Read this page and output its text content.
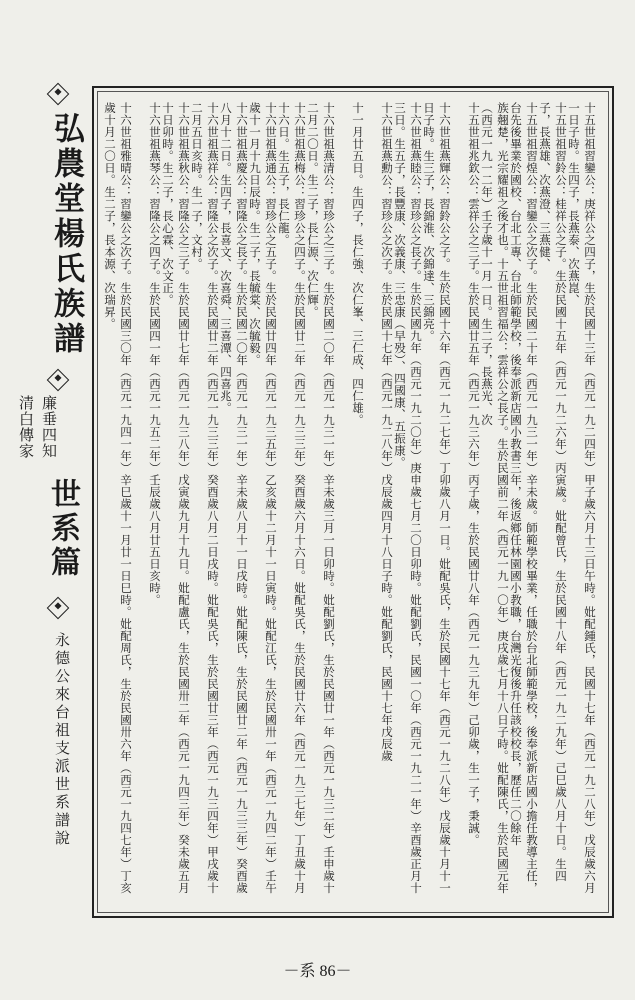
弘農堂楊氏族譜
廉垂四知
清白傳家
世系篇
永德公來台祖支派世系譜說	十五世祖習鑾公：庚祥公之四子，生於民國十三年（西元一九二四年）甲子歲六月十三日午時。妣配鍾氏，民國十七年（西元一九二八年）戊辰歲六月一日子時。生四子，長燕泰、次燕崑、
十五世祖習鈴公：桂祥公之子。生於民國十五年（西元一九二六年）丙寅歲。妣配曾氏，生於民國十八年（西元一九二九年）己巳歲八月十日。生四子，長燕雄、次燕澄、三燕健、
十五世祖習煌公：習鑾公之次子。生於民國二十年（西元一九三一年）辛未歲。師範學校畢業，任職於台北師範學校，後奉派新店國小擔任教導主任，台先後畢業於國校、台北工專、台北師範學校，後奉派新店國小教書三年，後返鄉任林園國小教職，台灣光復後升任該校校長，歷任二〇餘年
族翹楚，光宗耀祖之後才也。十五世祖習福公：雲祥公之長子。生於民國前二年（西元一九一〇年）庚戌歲七月十八日子時。妣配陳氏，生於民國元年（西元一九一二年）壬子歲十一月一日。生二子，長燕光、次
十五世祖兆欽公：雲祥公之三子。生於民國廿五年（西元一九三六年）丙子歲，生於民國廿八年（西元一九三九年）己卯歲，生一子，秉誠。
十六世祖燕輝公：習鈴公之子。生於民國十六年（西元一九二七年）丁卯歲八月一日。妣配吳氏，生於民國十七年（西元一九二八年）戊辰歲十月十一日子時。生三子，長錦淮、次錦達、三錦亮。
十六世祖燕睦公：習珍公之長子。生於民國九年（西元一九二〇年）庚申歲七月二〇日卯時。妣配劉氏，民國一〇年（西元一九二一年）辛酉歲正月十三日。生五子，長豐康、次義康、三忠康（早殁）、四國康、五振康。
十六世祖燕勳公：習珍公之次子。生於民國十七年（西元一九二八年）戊辰歲四月十八日子時。妣配劉氏，民國十七年戊辰歲
十一月廿五日。生四子，長仁強、次仁峯、三仁成、四仁雄。
十六世祖燕清公：習珍公之三子。生於民國二〇年（西元一九三一年）辛未歲三月一日卯時。妣配劉氏，生於民國廿一年（西元一九三二年）壬申歲十二月二〇日。生二子，長仁源、次仁輝。
十六世祖燕梅公：習珍公之四子。生於民國廿二年（西元一九三三年）癸酉歲六月十六日。妣配吳氏，生於民國廿六年（西元一九三七年）丁丑歲十月十六日。生五子，長仁龍。
十六世祖燕通公：習珍公之五子。生於民國廿四年（西元一九三五年）乙亥歲十二月十一日寅時。妣配江氏，生於民國卅一年（西元一九四二年）壬午歲十一月十九日辰時。生二子，長毓棠、次毓毅。
十六世祖燕慶公：習隆公之長子。生於民國二〇年（西元一九三一年）辛未歲八月十一日戌時。妣配陳氏，生於民國廿二年（西元一九三三年）癸酉歲八月十二日。生四子，長喜文、次喜舜、三喜潭、四喜兆。
十六世祖燕祥公：習隆公之次子。生於民國廿二年（西元一九三三年）癸酉歲八月二日戌時。妣配吳氏，生於民國廿三年（西元一九三四年）甲戌歲十二月五日亥時。生一子，文村。
十六世祖燕秋公：習隆公之三子。生於民國廿七年（西元一九三八年）戊寅歲九月十九日。妣配盧氏，生於民國卅二年（西元一九四三年）癸未歲五月十日卯時。生二子，長心霖、次文正。
十六世祖燕琴公：習隆公之四子。生於民國四一年（西元一九五二年）壬辰歲八月廿五日亥時。
十六世祖雅晴公：習鑾公之次子。生於民國三〇年（西元一九四一年）辛巳歲十一月廿一日巳時。妣配周氏，生於民國卅六年（西元一九四七年）丁亥歲十月二〇日。生二子，長本源、次瑞昇。
－系 86－
